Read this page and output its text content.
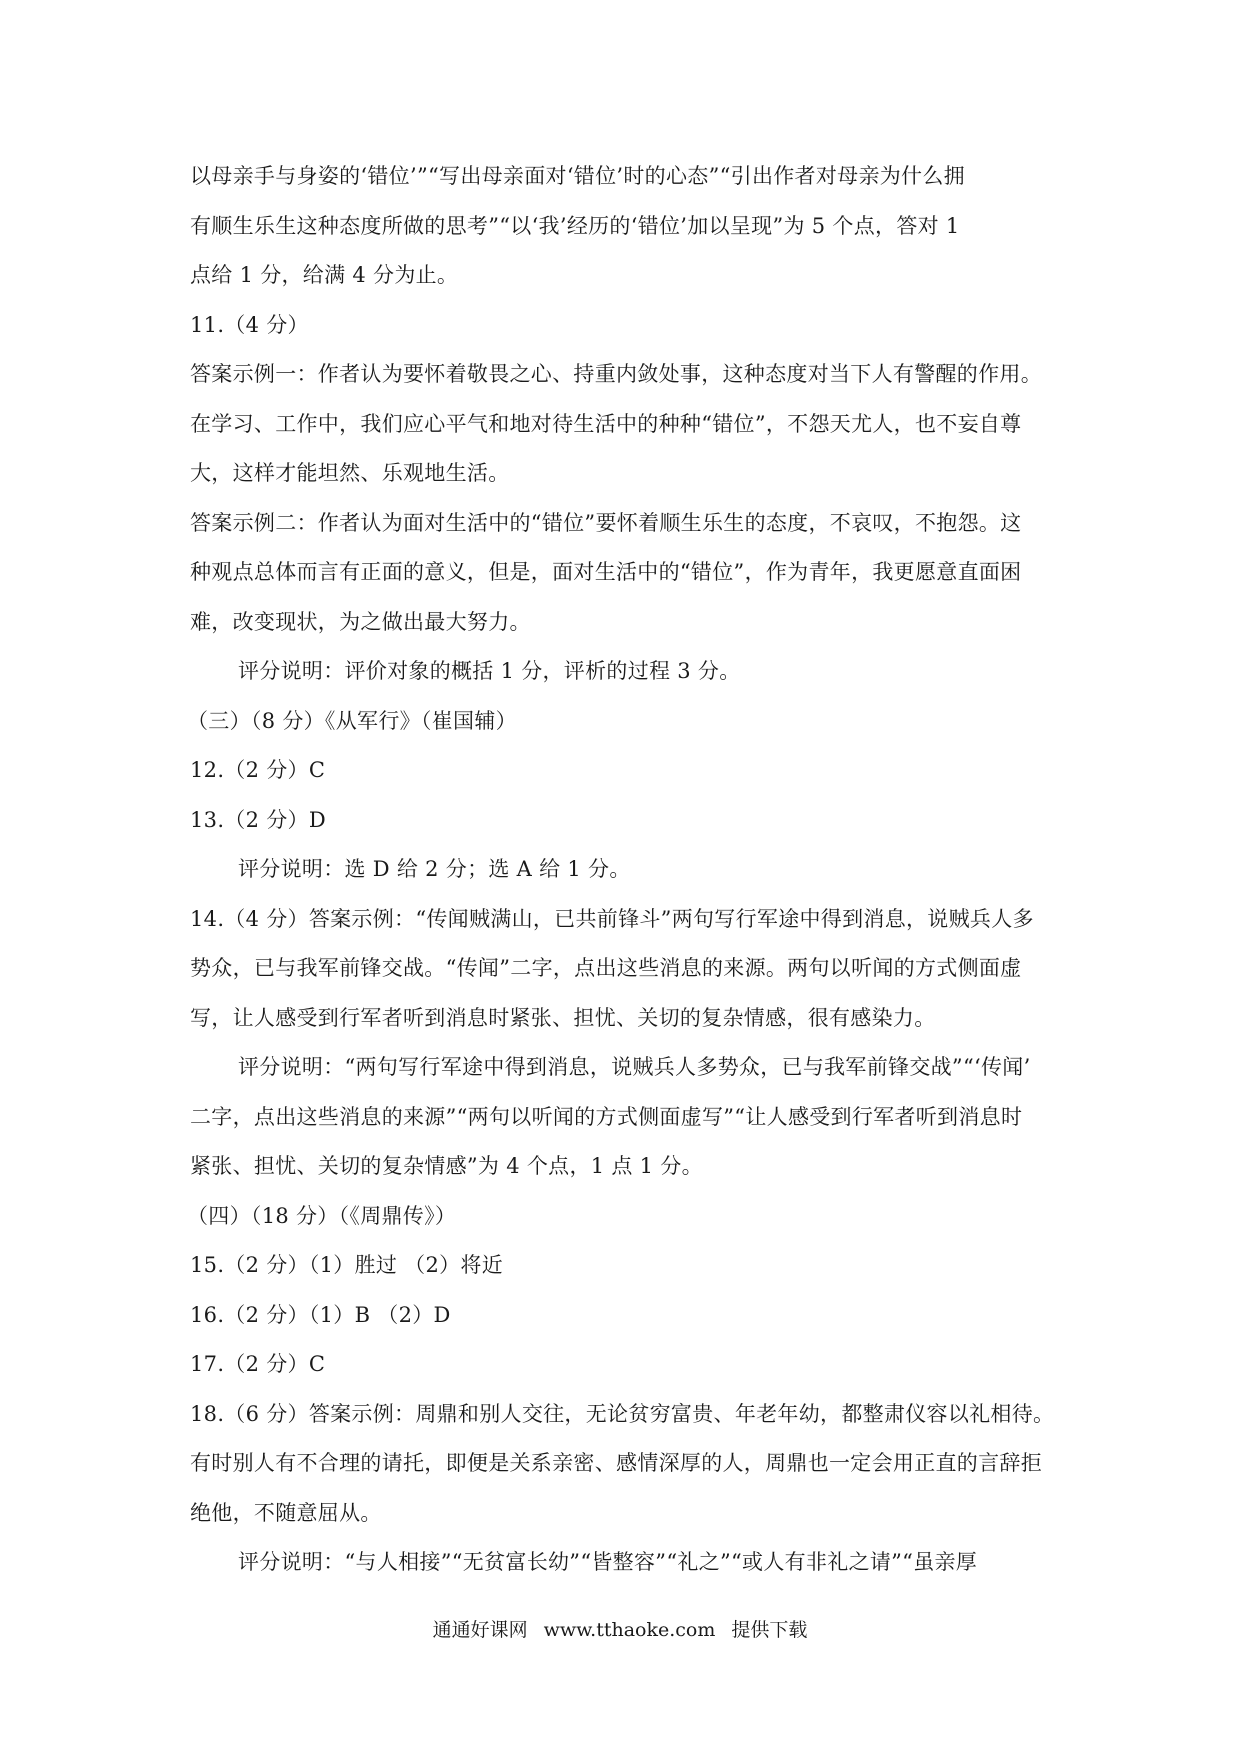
以母亲手与身姿的‘错位’”“写出母亲面对‘错位’时的心态”“引出作者对母亲为什么拥
有顺生乐生这种态度所做的思考”“以‘我’经历的‘错位’加以呈现”为 5 个点，答对 1
点给 1 分，给满 4 分为止。
11.（4 分）
答案示例一：作者认为要怀着敬畏之心、持重内敛处事，这种态度对当下人有警醒的作用。
在学习、工作中，我们应心平气和地对待生活中的种种“错位”，不怨天尤人，也不妄自尊
大，这样才能坦然、乐观地生活。
答案示例二：作者认为面对生活中的“错位”要怀着顺生乐生的态度，不哀叹，不抱怨。这
种观点总体而言有正面的意义，但是，面对生活中的“错位”，作为青年，我更愿意直面困
难，改变现状，为之做出最大努力。
评分说明：评价对象的概括 1 分，评析的过程 3 分。
（三）（8 分）《从军行》（崔国辅）
12.（2 分）C
13.（2 分）D
评分说明：选 D 给 2 分；选 A 给 1 分。
14.（4 分）答案示例：“传闻贼满山，已共前锋斗”两句写行军途中得到消息，说贼兵人多
势众，已与我军前锋交战。“传闻”二字，点出这些消息的来源。两句以听闻的方式侧面虚
写，让人感受到行军者听到消息时紧张、担忧、关切的复杂情感，很有感染力。
评分说明：“两句写行军途中得到消息，说贼兵人多势众，已与我军前锋交战”“‘传闻’
二字，点出这些消息的来源”“两句以听闻的方式侧面虚写”“让人感受到行军者听到消息时
紧张、担忧、关切的复杂情感”为 4 个点，1 点 1 分。
（四）（18 分）（《周鼎传》）
15.（2 分）（1）胜过 （2）将近
16.（2 分）（1）B （2）D
17.（2 分）C
18.（6 分）答案示例：周鼎和别人交往，无论贫穷富贵、年老年幼，都整肃仪容以礼相待。
有时别人有不合理的请托，即便是关系亲密、感情深厚的人，周鼎也一定会用正直的言辞拒
绝他，不随意屈从。
评分说明：“与人相接”“无贫富长幼”“皆整容”“礼之”“或人有非礼之请”“虽亲厚
通通好课网 www.tthaoke.com 提供下载
